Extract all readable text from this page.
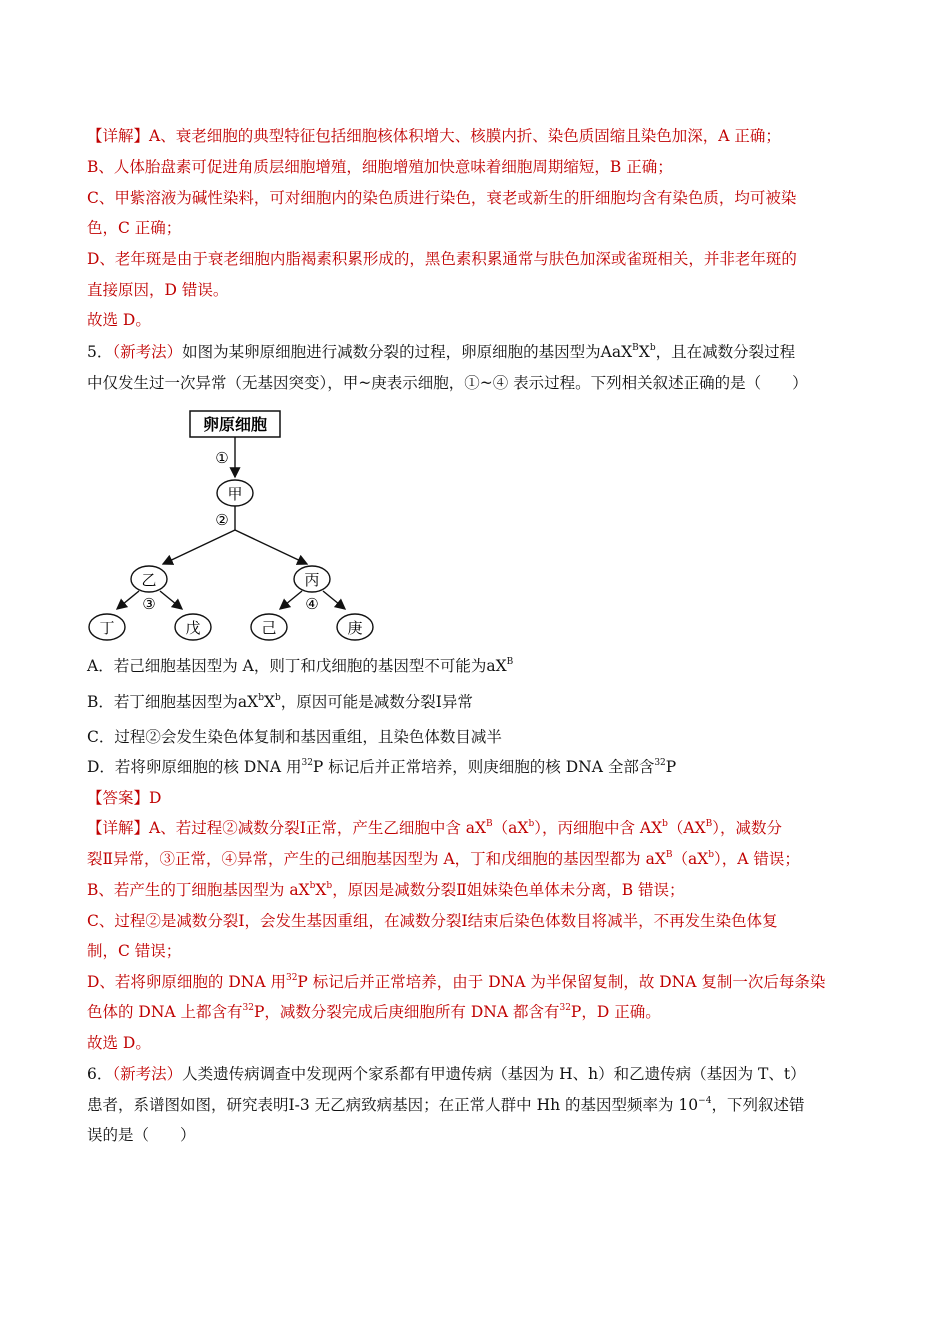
【详解】A、衰老细胞的典型特征包括细胞核体积增大、核膜内折、染色质固缩且染色加深，A 正确；
B、人体胎盘素可促进角质层细胞增殖，细胞增殖加快意味着细胞周期缩短，B 正确；
C、甲紫溶液为碱性染料，可对细胞内的染色质进行染色，衰老或新生的肝细胞均含有染色质，均可被染
色，C 正确；
D、老年斑是由于衰老细胞内脂褐素积累形成的，黑色素积累通常与肤色加深或雀斑相关，并非老年斑的
直接原因，D 错误。
故选 D。
5．（新考法）如图为某卵原细胞进行减数分裂的过程，卵原细胞的基因型为$AaX^BX^b$，且在减数分裂过程
中仅发生过一次异常（无基因突变），甲~庚表示细胞，①~④ 表示过程。下列相关叙述正确的是（　　）
卵原细胞
①
甲
②
乙	丙
③	④
丁	戊	己	庚
A．若己细胞基因型为 A，则丁和戊细胞的基因型不可能为$aX^B$
B．若丁细胞基因型为$aX^bX^b$，原因可能是减数分裂Ⅰ异常
C．过程②会发生染色体复制和基因重组，且染色体数目减半
D．若将卵原细胞的核 DNA 用$^{32}$P 标记后并正常培养，则庚细胞的核 DNA 全部含$^{32}$P
【答案】D
【详解】A、若过程②减数分裂Ⅰ正常，产生乙细胞中含 $aX^B(aX^b)$，丙细胞中含 $AX^b(AX^B)$，减数分
裂Ⅱ异常，③正常，④异常，产生的己细胞基因型为 A，丁和戊细胞的基因型都为 $aX^B(aX^b)$，A 错误；
B、若产生的丁细胞基因型为 $aX^bX^b$，原因是减数分裂Ⅱ姐妹染色单体未分离，B 错误；
C、过程②是减数分裂Ⅰ，会发生基因重组，在减数分裂Ⅰ结束后染色体数目将减半，不再发生染色体复
制，C 错误；
D、若将卵原细胞的 DNA 用$^{32}$P 标记后并正常培养，由于 DNA 为半保留复制，故 DNA 复制一次后每条染
色体的 DNA 上都含有$^{32}$P，减数分裂完成后庚细胞所有 DNA 都含有$^{32}$P，D 正确。
故选 D。
6．（新考法）人类遗传病调查中发现两个家系都有甲遗传病（基因为 H、h）和乙遗传病（基因为 T、t）
患者，系谱图如图，研究表明Ⅰ-3 无乙病致病基因；在正常人群中 Hh 的基因型频率为 $10^{-4}$，下列叙述错
误的是（　　）
